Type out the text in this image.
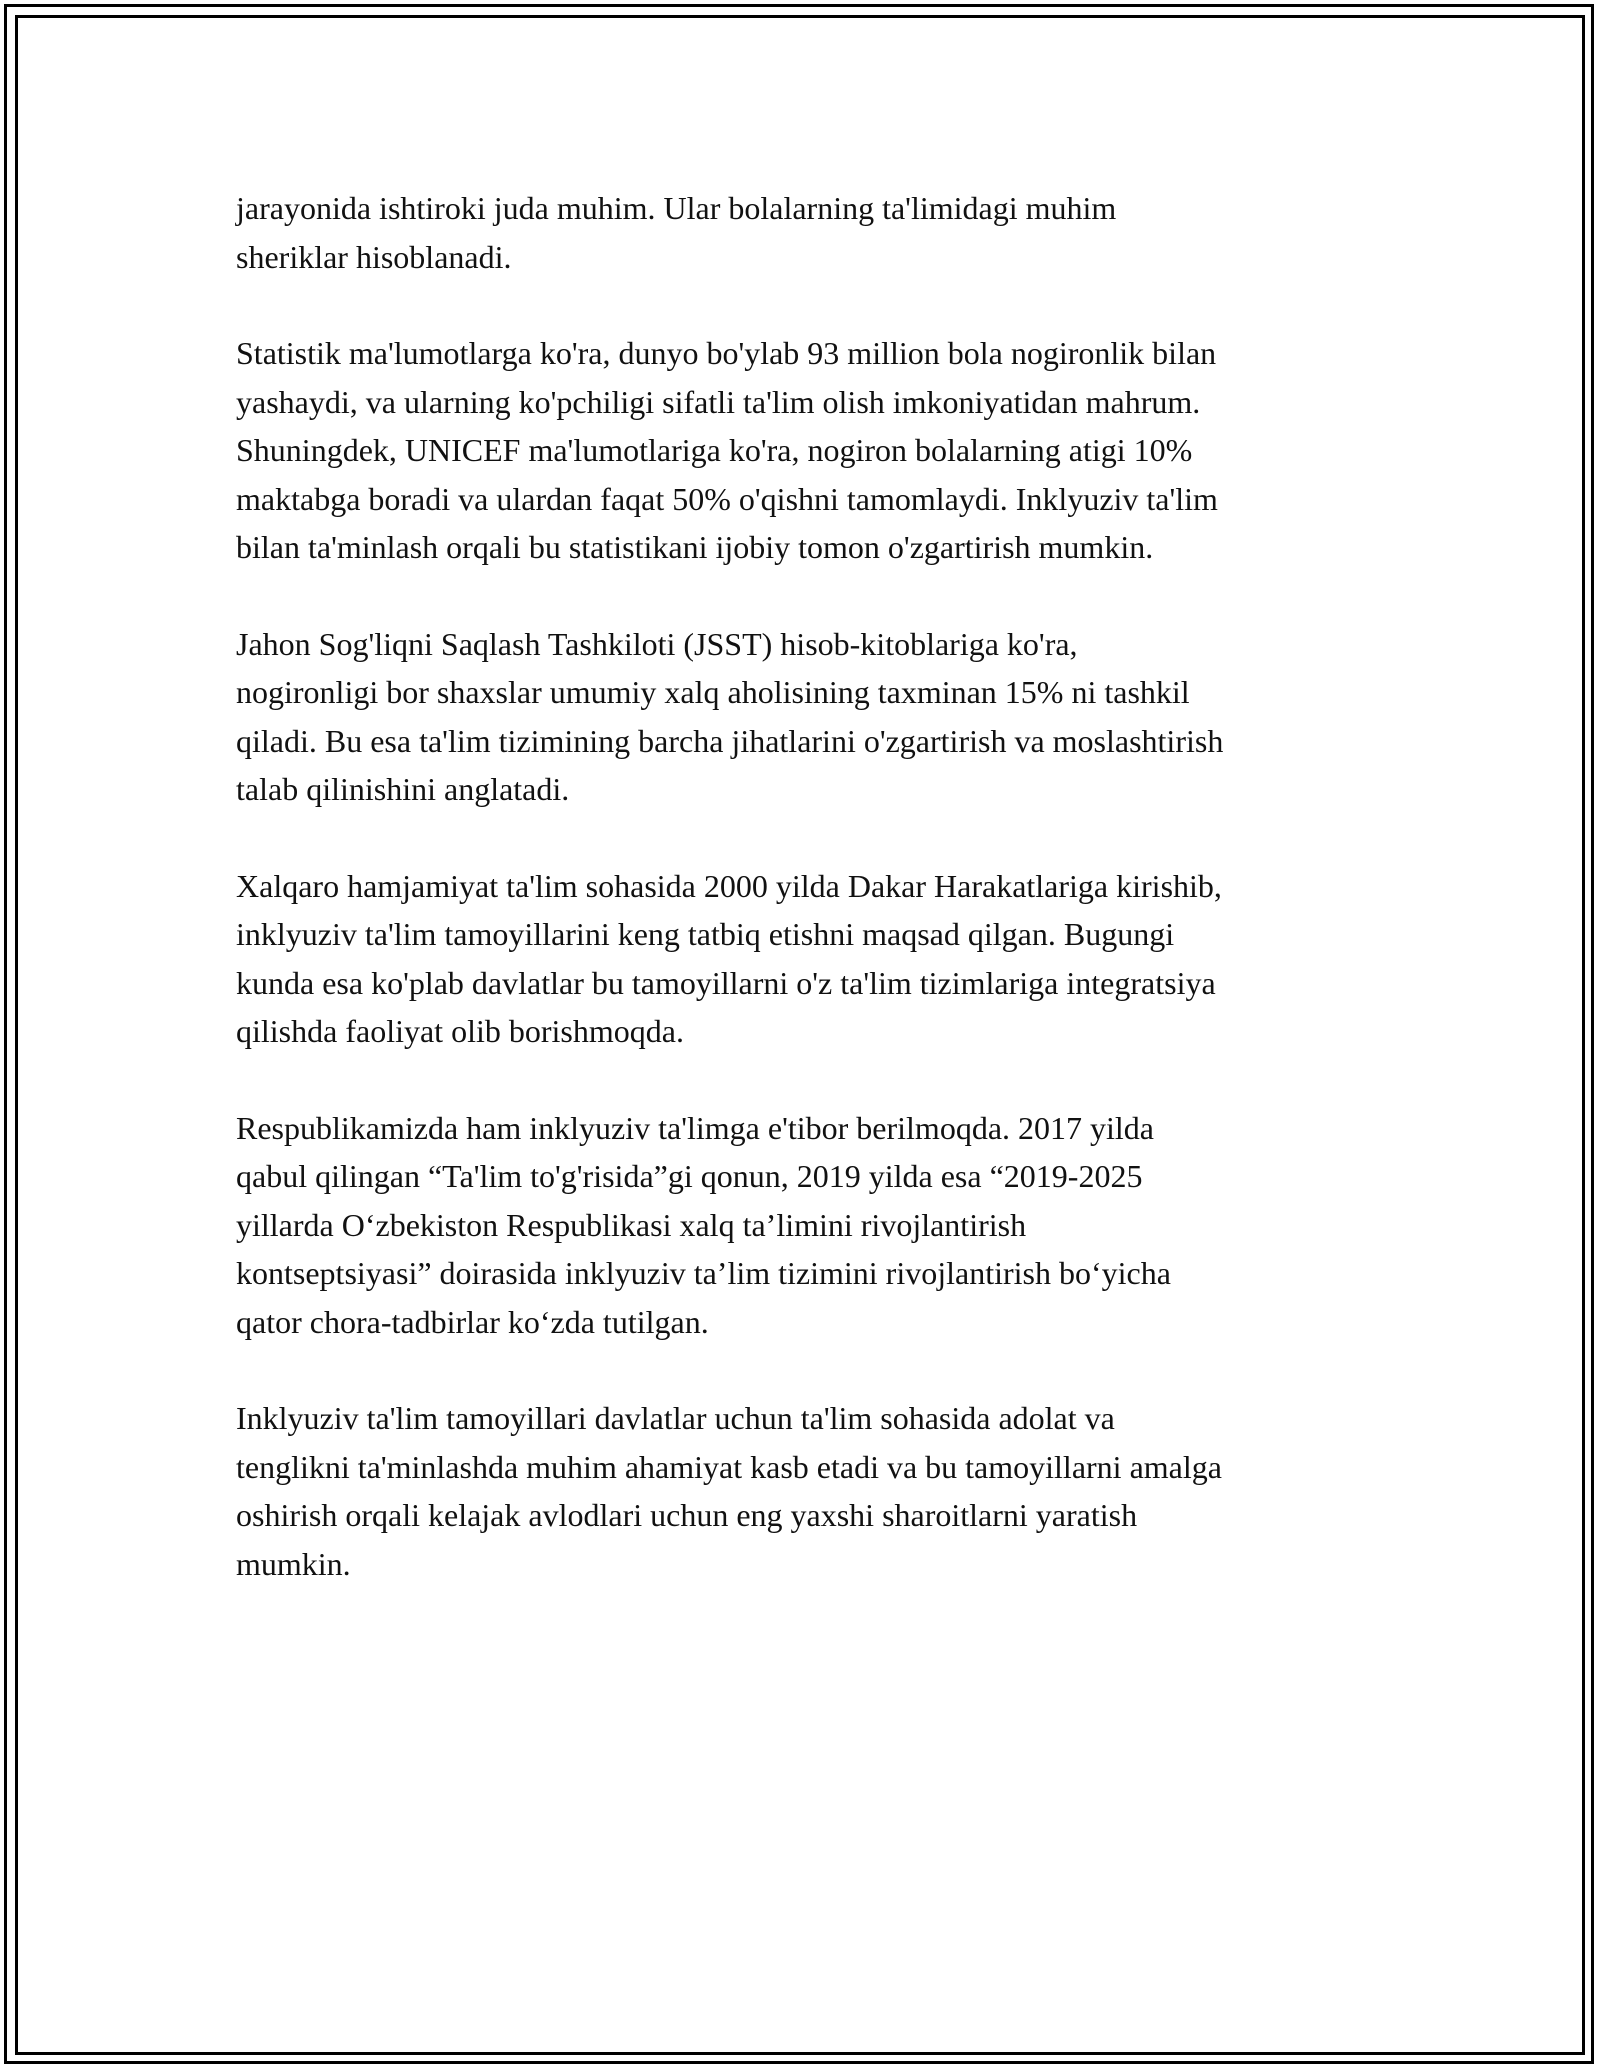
jarayonida ishtiroki juda muhim. Ular bolalarning ta'limidagi muhim
sheriklar hisoblanadi.

Statistik ma'lumotlarga ko'ra, dunyo bo'ylab 93 million bola nogironlik bilan
yashaydi, va ularning ko'pchiligi sifatli ta'lim olish imkoniyatidan mahrum.
Shuningdek, UNICEF ma'lumotlariga ko'ra, nogiron bolalarning atigi 10%
maktabga boradi va ulardan faqat 50% o'qishni tamomlaydi. Inklyuziv ta'lim
bilan ta'minlash orqali bu statistikani ijobiy tomon o'zgartirish mumkin.

Jahon Sog'liqni Saqlash Tashkiloti (JSST) hisob-kitoblariga ko'ra,
nogironligi bor shaxslar umumiy xalq aholisining taxminan 15% ni tashkil
qiladi. Bu esa ta'lim tizimining barcha jihatlarini o'zgartirish va moslashtirish
talab qilinishini anglatadi.

Xalqaro hamjamiyat ta'lim sohasida 2000 yilda Dakar Harakatlariga kirishib,
inklyuziv ta'lim tamoyillarini keng tatbiq etishni maqsad qilgan. Bugungi
kunda esa ko'plab davlatlar bu tamoyillarni o'z ta'lim tizimlariga integratsiya
qilishda faoliyat olib borishmoqda.

Respublikamizda ham inklyuziv ta'limga e'tibor berilmoqda. 2017 yilda
qabul qilingan “Ta'lim to'g'risida”gi qonun, 2019 yilda esa “2019-2025
yillarda O‘zbekiston Respublikasi xalq ta’limini rivojlantirish
kontseptsiyasi” doirasida inklyuziv ta’lim tizimini rivojlantirish bo‘yicha
qator chora-tadbirlar ko‘zda tutilgan.

Inklyuziv ta'lim tamoyillari davlatlar uchun ta'lim sohasida adolat va
tenglikni ta'minlashda muhim ahamiyat kasb etadi va bu tamoyillarni amalga
oshirish orqali kelajak avlodlari uchun eng yaxshi sharoitlarni yaratish
mumkin.
